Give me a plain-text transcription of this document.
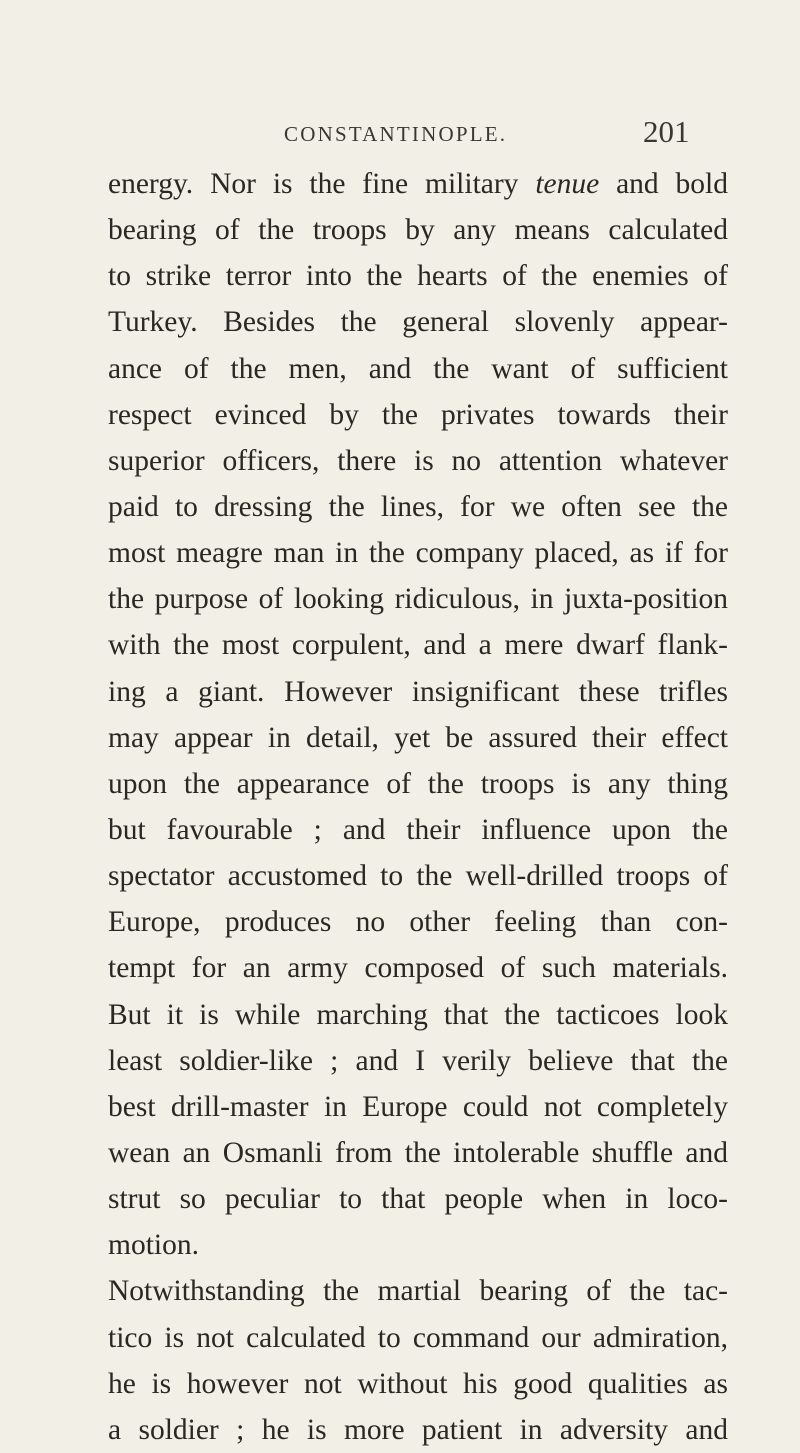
CONSTANTINOPLE.	201
energy. Nor is the fine military tenue and bold
bearing of the troops by any means calculated
to strike terror into the hearts of the enemies of
Turkey. Besides the general slovenly appear-
ance of the men, and the want of sufficient
respect evinced by the privates towards their
superior officers, there is no attention whatever
paid to dressing the lines, for we often see the
most meagre man in the company placed, as if for
the purpose of looking ridiculous, in juxta-position
with the most corpulent, and a mere dwarf flank-
ing a giant. However insignificant these trifles
may appear in detail, yet be assured their effect
upon the appearance of the troops is any thing
but favourable ; and their influence upon the
spectator accustomed to the well-drilled troops of
Europe, produces no other feeling than con-
tempt for an army composed of such materials.
But it is while marching that the tacticoes look
least soldier-like ; and I verily believe that the
best drill-master in Europe could not completely
wean an Osmanli from the intolerable shuffle and
strut so peculiar to that people when in loco-
motion.
Notwithstanding the martial bearing of the tac-
tico is not calculated to command our admiration,
he is however not without his good qualities as
a soldier ; he is more patient in adversity and
